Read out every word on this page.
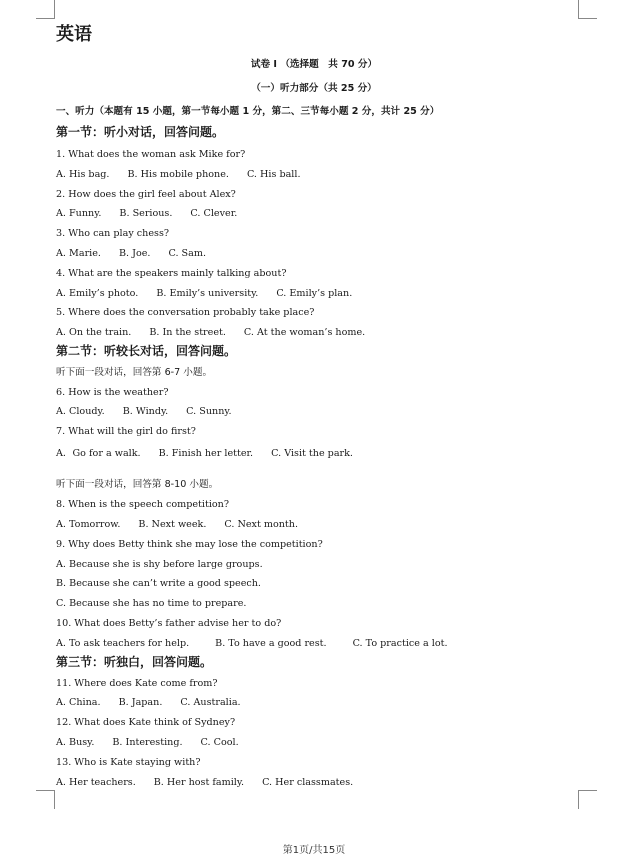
英语
试卷 I （选择题　共 70 分）
（一）听力部分（共 25 分）
一、听力（本题有 15 小题，第一节每小题 1 分，第二、三节每小题 2 分，共计 25 分）
第一节：听小对话，回答问题。
1. What does the woman ask Mike for?
A. His bag. B. His mobile phone. C. His ball.
2. How does the girl feel about Alex?
A. Funny. B. Serious. C. Clever.
3. Who can play chess?
A. Marie. B. Joe. C. Sam.
4. What are the speakers mainly talking about?
A. Emily’s photo. B. Emily’s university. C. Emily’s plan.
5. Where does the conversation probably take place?
A. On the train. B. In the street. C. At the woman’s home.
第二节：听较长对话，回答问题。
听下面一段对话，回答第 6-7 小题。
6. How is the weather?
A. Cloudy. B. Windy. C. Sunny.
7. What will the girl do first?
A．Go for a walk. B. Finish her letter. C. Visit the park.
听下面一段对话，回答第 8-10 小题。
8. When is the speech competition?
A. Tomorrow. B. Next week. C. Next month.
9. Why does Betty think she may lose the competition?
A. Because she is shy before large groups.
B. Because she can’t write a good speech.
C. Because she has no time to prepare.
10. What does Betty’s father advise her to do?
A. To ask teachers for help.	B. To have a good rest.	C. To practice a lot.
第三节：听独白，回答问题。
11. Where does Kate come from?
A. China. B. Japan. C. Australia.
12. What does Kate think of Sydney?
A. Busy. B. Interesting. C. Cool.
13. Who is Kate staying with?
A. Her teachers. B. Her host family. C. Her classmates.
第1页/共15页
